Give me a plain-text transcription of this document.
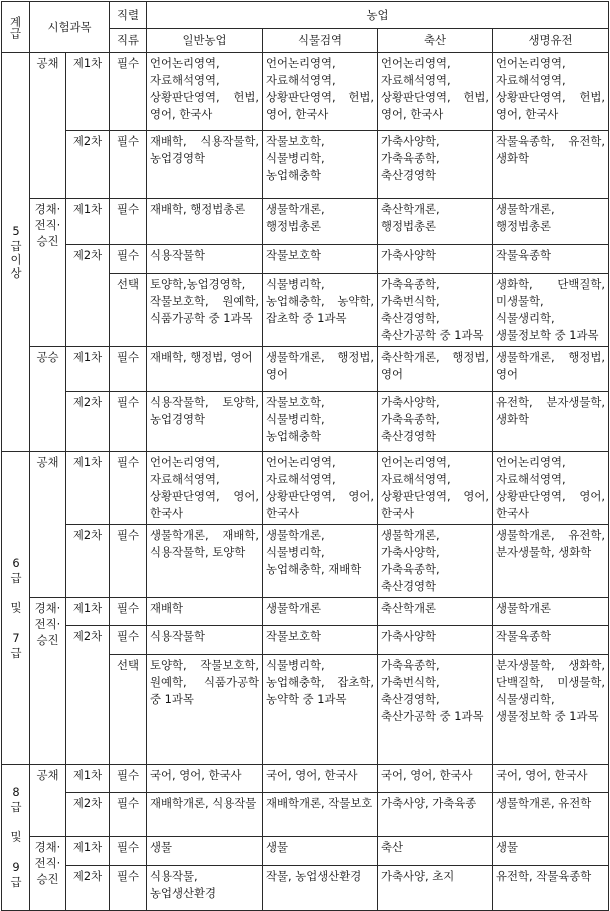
계급	시험과목		직렬	농업			
			직류	일반농업	식물검역	축산	생명유전
5급이상	공채	제1차	필수	언어논리영역, 자료해석영역, 상황판단영역, 헌법, 영어, 한국사	언어논리영역, 자료해석영역, 상황판단영역, 헌법, 영어, 한국사	언어논리영역, 자료해석영역, 상황판단영역, 헌법, 영어, 한국사	언어논리영역, 자료해석영역, 상황판단영역, 헌법, 영어, 한국사
		제2차	필수	재배학, 식용작물학, 농업경영학	작물보호학, 식물병리학, 농업해충학	가축사양학, 가축육종학,축산경영학	작물육종학, 유전학, 생화학
	경채·전직·승진	제1차	필수	재배학, 행정법총론	생물학개론, 행정법총론	축산학개론, 행정법총론	생물학개론, 행정법총론
		제2차	필수	식용작물학	작물보호학	가축사양학	작물육종학
			선택	토양학,농업경영학, 작물보호학, 원예학, 식품가공학 중 1과목	식물병리학, 농업해충학, 농약학, 잡초학 중 1과목	가축육종학, 가축번식학, 축산경영학, 축산가공학 중 1과목	생화학, 단백질학, 미생물학, 식물생리학, 생물정보학 중 1과목
	공승	제1차	필수	재배학, 행정법, 영어	생물학개론, 행정법, 영어	축산학개론, 행정법, 영어	생물학개론, 행정법, 영어
		제2차	필수	식용작물학, 토양학, 농업경영학	작물보호학, 식물병리학,농업해충학	가축사양학, 가축육종학, 축산경영학	유전학, 분자생물학, 생화학
6급 및 7급	공채	제1차	필수	언어논리영역, 자료해석영역, 상황판단영역, 영어, 한국사	언어논리영역, 자료해석영역, 상황판단영역, 영어, 한국사	언어논리영역, 자료해석영역, 상황판단영역, 영어, 한국사	언어논리영역, 자료해석영역, 상황판단영역, 영어, 한국사
		제2차	필수	생물학개론, 재배학, 식용작물학, 토양학	생물학개론, 식물병리학, 농업해충학, 재배학	생물학개론, 가축사양학, 가축육종학, 축산경영학	생물학개론, 유전학, 분자생물학, 생화학
	경채·전직·승진	제1차	필수	재배학	생물학개론	축산학개론	생물학개론
		제2차	필수	식용작물학	작물보호학	가축사양학	작물육종학
			선택	토양학, 작물보호학, 원예학, 식품가공학 중 1과목	식물병리학, 농업해충학, 잡초학, 농약학 중 1과목	가축육종학, 가축번식학, 축산경영학, 축산가공학 중 1과목	분자생물학, 생화학, 단백질학, 미생물학, 식물생리학, 생물정보학 중 1과목
8급 및 9급	공채	제1차	필수	국어, 영어, 한국사	국어, 영어, 한국사	국어, 영어, 한국사	국어, 영어, 한국사
		제2차	필수	재배학개론, 식용작물	재배학개론, 작물보호	가축사양, 가축육종	생물학개론, 유전학
	경채·전직·승진	제1차	필수	생물	생물	축산	생물
		제2차	필수	식용작물, 농업생산환경	작물, 농업생산환경	가축사양, 초지	유전학, 작물육종학
